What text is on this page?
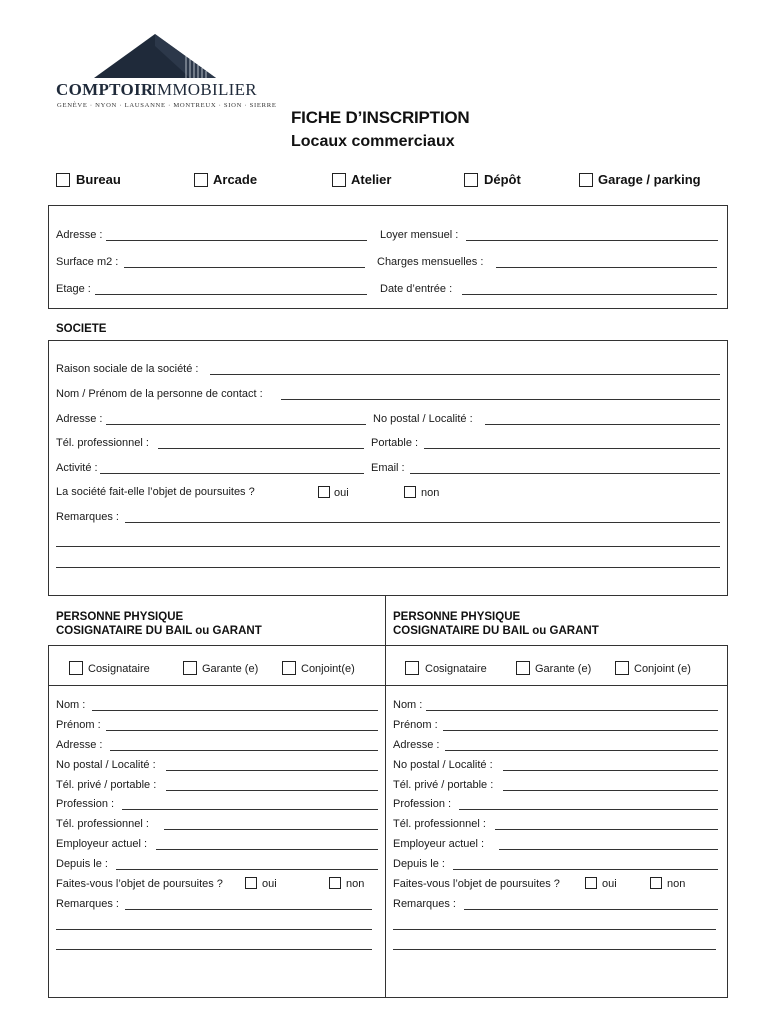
COMPTOIR
IMMOBILIER
GENÈVE · NYON · LAUSANNE · MONTREUX · SION · SIERRE
FICHE D’INSCRIPTION
Locaux commerciaux
Bureau	Arcade	Atelier	Dépôt	Garage / parking
Adresse :	Loyer mensuel :
Surface m2 :	Charges mensuelles :
Etage :	Date d’entrée :
SOCIETE
Raison sociale de la société :
Nom / Prénom de la personne de contact :
Adresse :	No postal / Localité :
Tél. professionnel :	Portable :
Activité :	Email :
La société fait-elle l’objet de poursuites ?	oui	non
Remarques :
PERSONNE PHYSIQUE
COSIGNATAIRE DU BAIL ou GARANT
Cosignataire	Garante (e)	Conjoint(e)
Nom :
Prénom :
Adresse :
No postal / Localité :
Tél. privé / portable :
Profession :
Tél. professionnel :
Employeur actuel :
Depuis le :
Faites-vous l’objet de poursuites ?	oui	non
Remarques :
PERSONNE PHYSIQUE
COSIGNATAIRE DU BAIL ou GARANT
Cosignataire	Garante (e)	Conjoint (e)
Nom :
Prénom :
Adresse :
No postal / Localité :
Tél. privé / portable :
Profession :
Tél. professionnel :
Employeur actuel :
Depuis le :
Faites-vous l’objet de poursuites ?	oui	non
Remarques :
